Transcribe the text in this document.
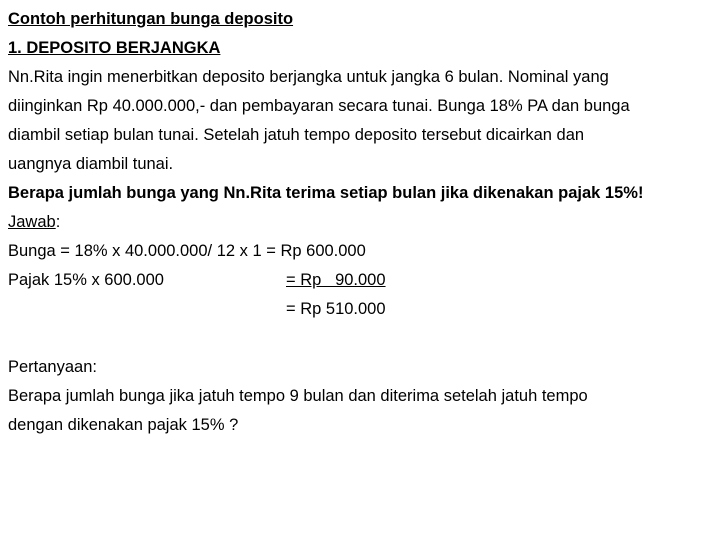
Contoh perhitungan bunga deposito
1. DEPOSITO BERJANGKA
Nn.Rita ingin menerbitkan deposito berjangka untuk jangka 6 bulan. Nominal yang
diinginkan Rp 40.000.000,- dan pembayaran secara tunai. Bunga 18% PA dan bunga
diambil setiap bulan tunai. Setelah jatuh tempo deposito tersebut dicairkan dan
uangnya diambil tunai.
Berapa jumlah bunga yang Nn.Rita terima setiap bulan jika dikenakan pajak 15%!
Jawab:
Bunga = 18% x 40.000.000/ 12 x 1 = Rp 600.000
Pajak 15% x 600.000	= Rp   90.000
= Rp 510.000
Pertanyaan:
Berapa jumlah bunga jika jatuh tempo 9 bulan dan diterima setelah jatuh tempo
dengan dikenakan pajak 15% ?
